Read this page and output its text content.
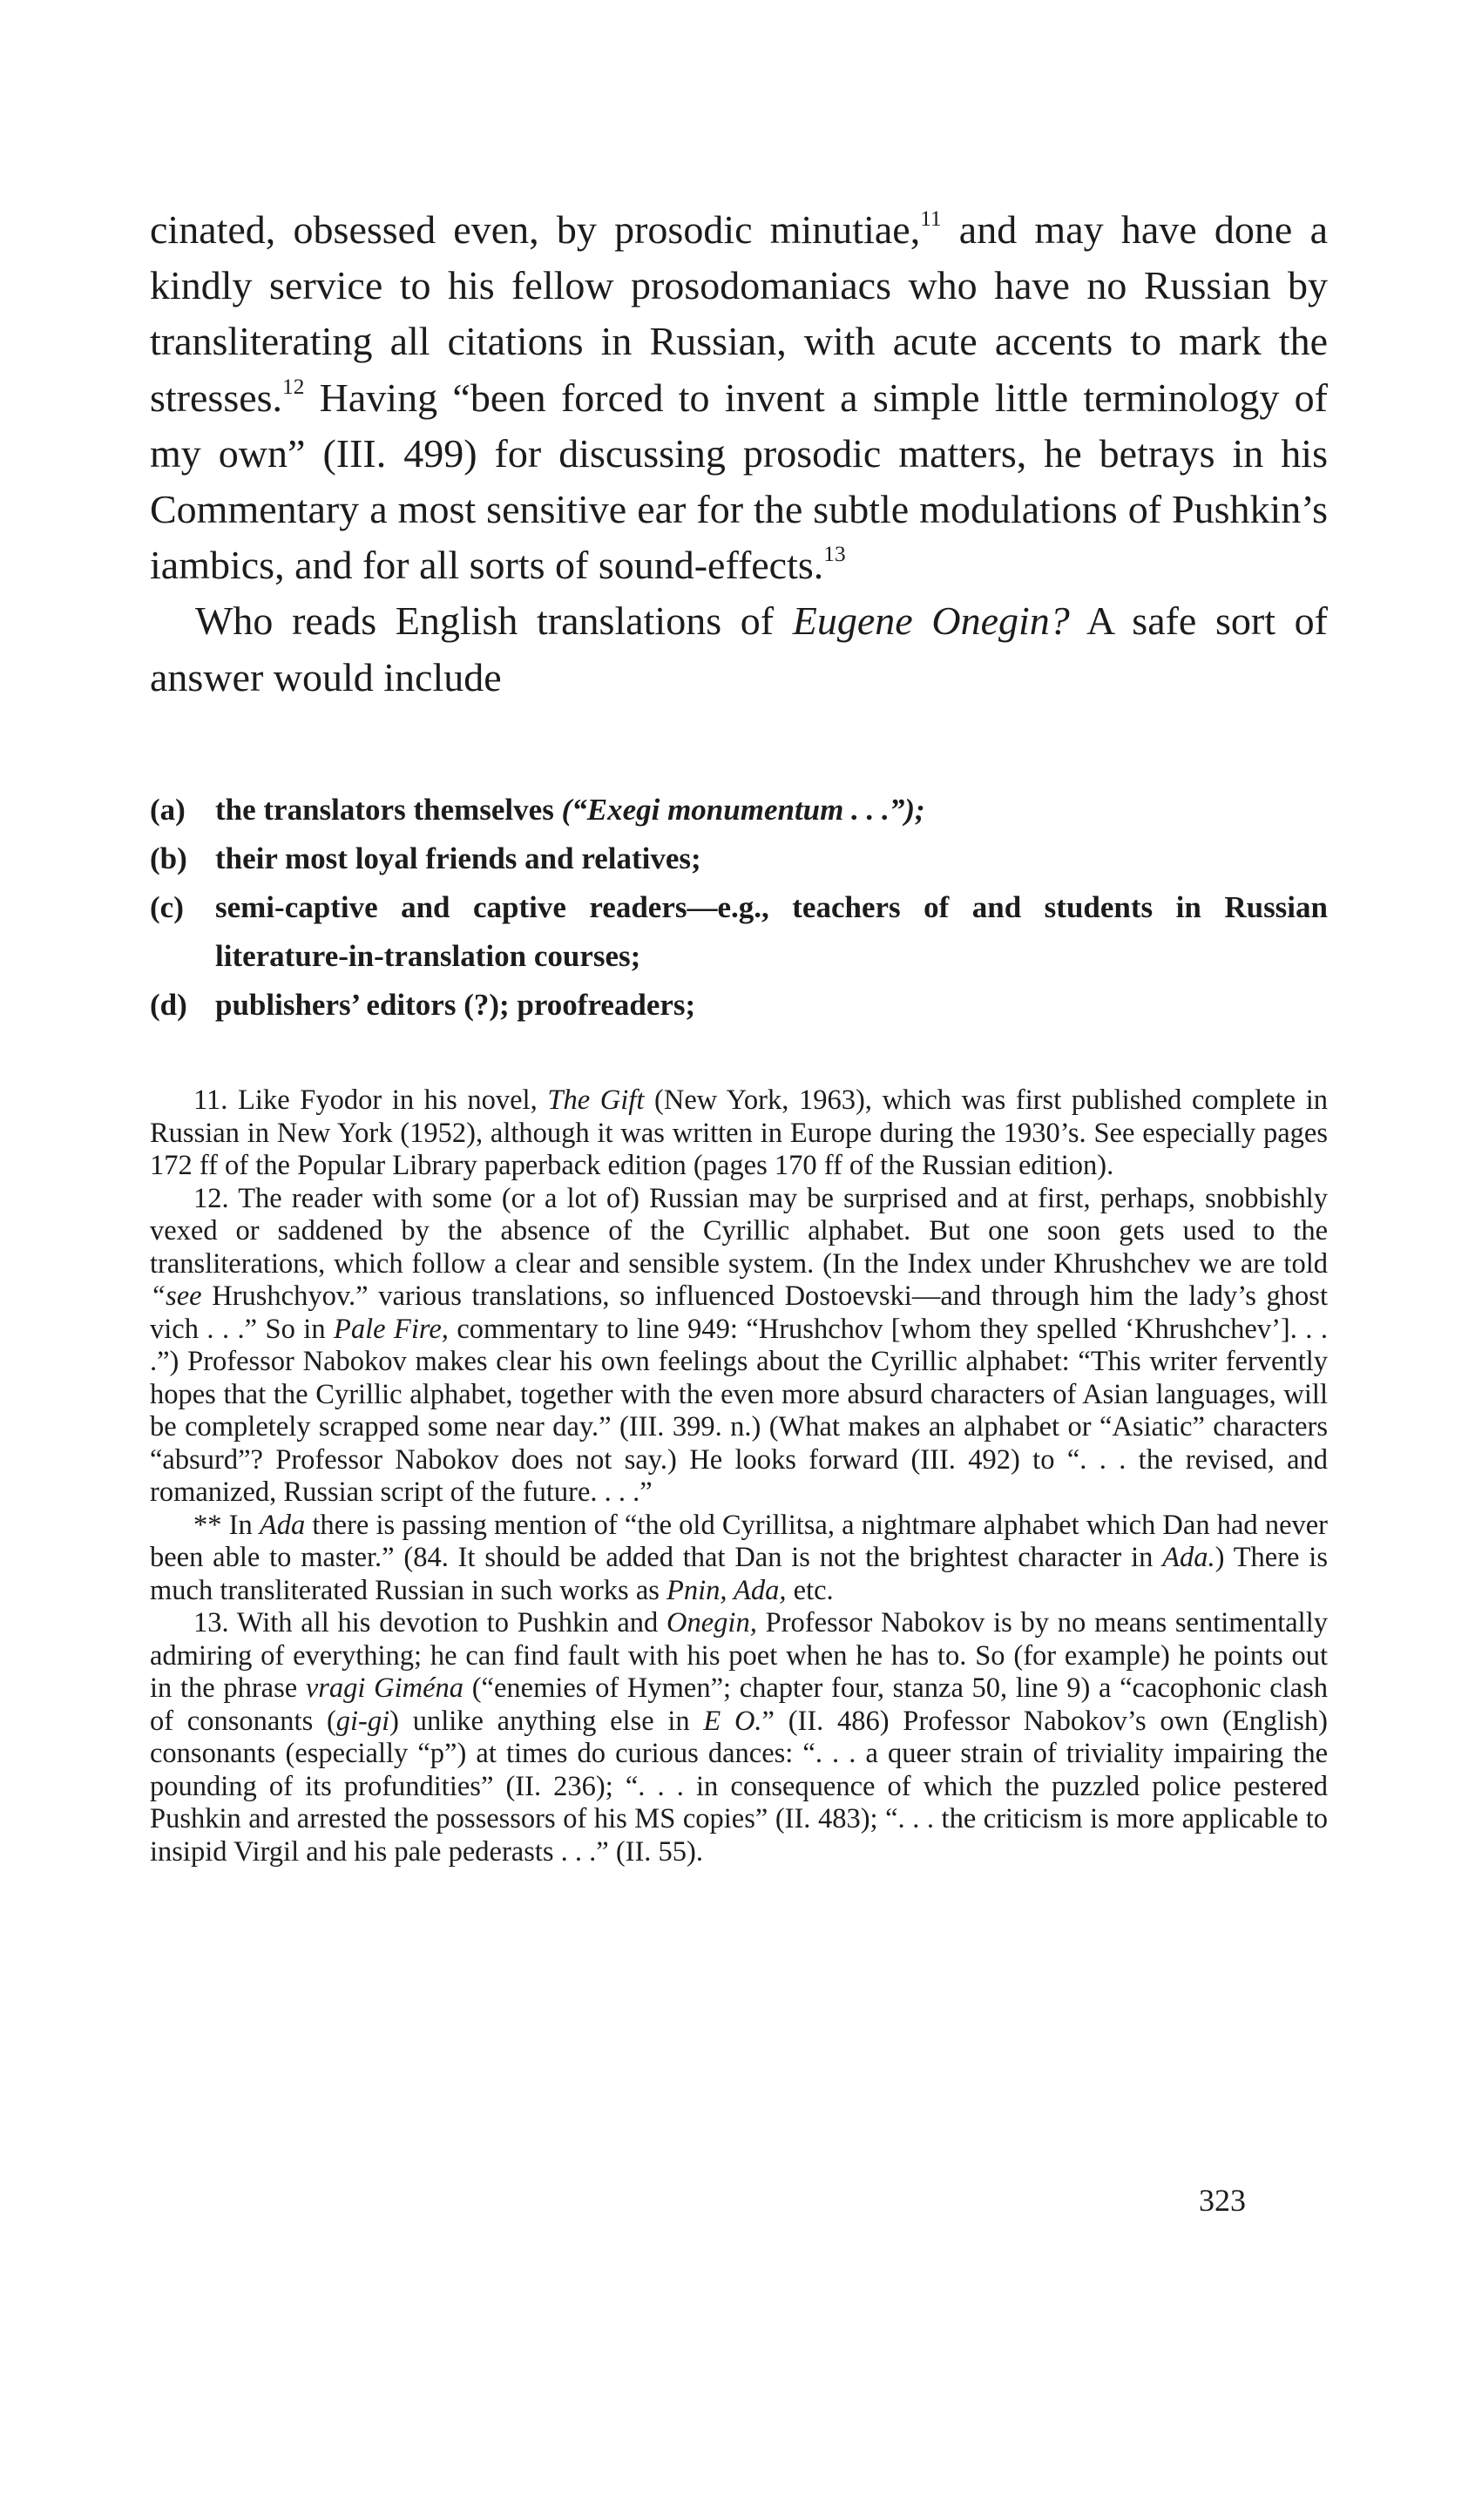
cinated, obsessed even, by prosodic minutiae,$^{11}$ and may have done a kindly service to his fellow prosodomaniacs who have no Russian by transliterating all citations in Russian, with acute accents to mark the stresses.$^{12}$ Having “been forced to invent a simple little terminology of my own” (III. 499) for discussing prosodic matters, he betrays in his Commentary a most sensitive ear for the subtle modulations of Pushkin’s iambics, and for all sorts of sound-effects.$^{13}$

Who reads English translations of Eugene Onegin? A safe sort of answer would include

(a) the translators themselves (“Exegi monumentum . . .”);
(b) their most loyal friends and relatives;
(c)	semi-captive and captive readers—e.g., teachers of and students in Russian literature-in-translation courses;
(d) publishers’ editors (?); proofreaders;

11. Like Fyodor in his novel, The Gift (New York, 1963), which was first published complete in Russian in New York (1952), although it was written in Europe during the 1930’s. See especially pages 172 ff of the Popular Library paperback edition (pages 170 ff of the Russian edition).

12. The reader with some (or a lot of) Russian may be surprised and at first, perhaps, snobbishly vexed or saddened by the absence of the Cyrillic alphabet. But one soon gets used to the transliterations, which follow a clear and sensible system. (In the Index under Khrushchev we are told “see Hrushchyov.” various translations, so influenced Dostoevski—and through him the lady’s ghost vich . . .” So in Pale Fire, commentary to line 949: “Hrushchov [whom they spelled ‘Khrushchev’]. . . .”) Professor Nabokov makes clear his own feelings about the Cyrillic alphabet: “This writer fervently hopes that the Cyrillic alphabet, together with the even more absurd characters of Asian languages, will be completely scrapped some near day.” (III. 399. n.) (What makes an alphabet or “Asiatic” characters “absurd”? Professor Nabokov does not say.) He looks forward (III. 492) to “. . . the revised, and romanized, Russian script of the future. . . .”

** In Ada there is passing mention of “the old Cyrillitsa, a nightmare alphabet which Dan had never been able to master.” (84. It should be added that Dan is not the brightest character in Ada.) There is much transliterated Russian in such works as Pnin, Ada, etc.

13. With all his devotion to Pushkin and Onegin, Professor Nabokov is by no means sentimentally admiring of everything; he can find fault with his poet when he has to. So (for example) he points out in the phrase vragi Giména (“enemies of Hymen”; chapter four, stanza 50, line 9) a “cacophonic clash of consonants (gi-gi) unlike anything else in E O.” (II. 486) Professor Nabokov’s own (English) consonants (especially “p”) at times do curious dances: “. . . a queer strain of triviality impairing the pounding of its profundities” (II. 236); “. . . in consequence of which the puzzled police pestered Pushkin and arrested the possessors of his MS copies” (II. 483); “. . . the criticism is more applicable to insipid Virgil and his pale pederasts . . .” (II. 55).

323
